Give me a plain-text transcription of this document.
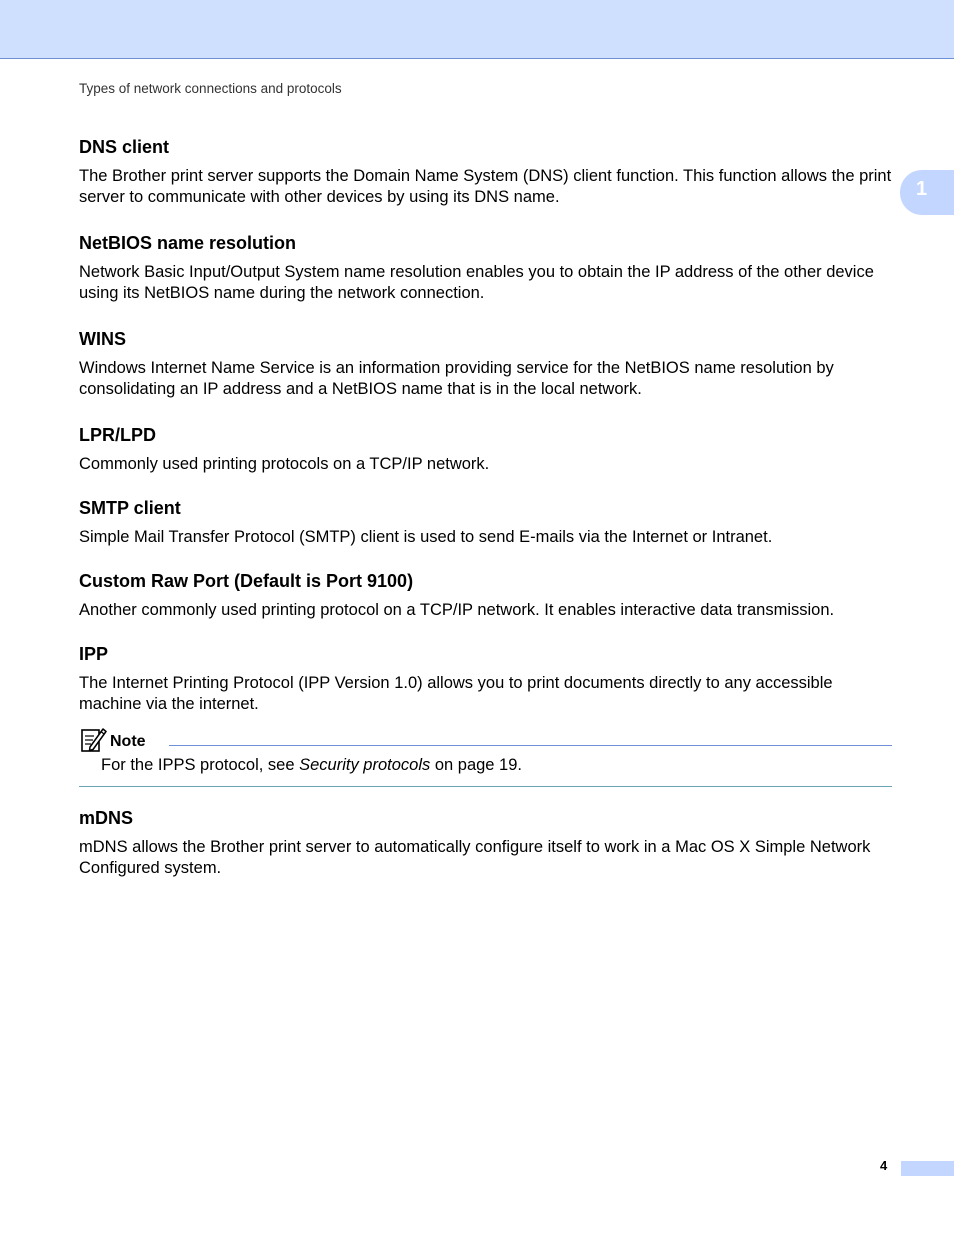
Types of network connections and protocols
1
DNS client

The Brother print server supports the Domain Name System (DNS) client function. This function allows the print server to communicate with other devices by using its DNS name.

NetBIOS name resolution

Network Basic Input/Output System name resolution enables you to obtain the IP address of the other device using its NetBIOS name during the network connection.

WINS

Windows Internet Name Service is an information providing service for the NetBIOS name resolution by consolidating an IP address and a NetBIOS name that is in the local network.

LPR/LPD

Commonly used printing protocols on a TCP/IP network.

SMTP client

Simple Mail Transfer Protocol (SMTP) client is used to send E-mails via the Internet or Intranet.

Custom Raw Port (Default is Port 9100)

Another commonly used printing protocol on a TCP/IP network. It enables interactive data transmission.

IPP

The Internet Printing Protocol (IPP Version 1.0) allows you to print documents directly to any accessible machine via the internet.

Note
For the IPPS protocol, see Security protocols on page 19.
mDNS

mDNS allows the Brother print server to automatically configure itself to work in a Mac OS X Simple Network Configured system.

4
